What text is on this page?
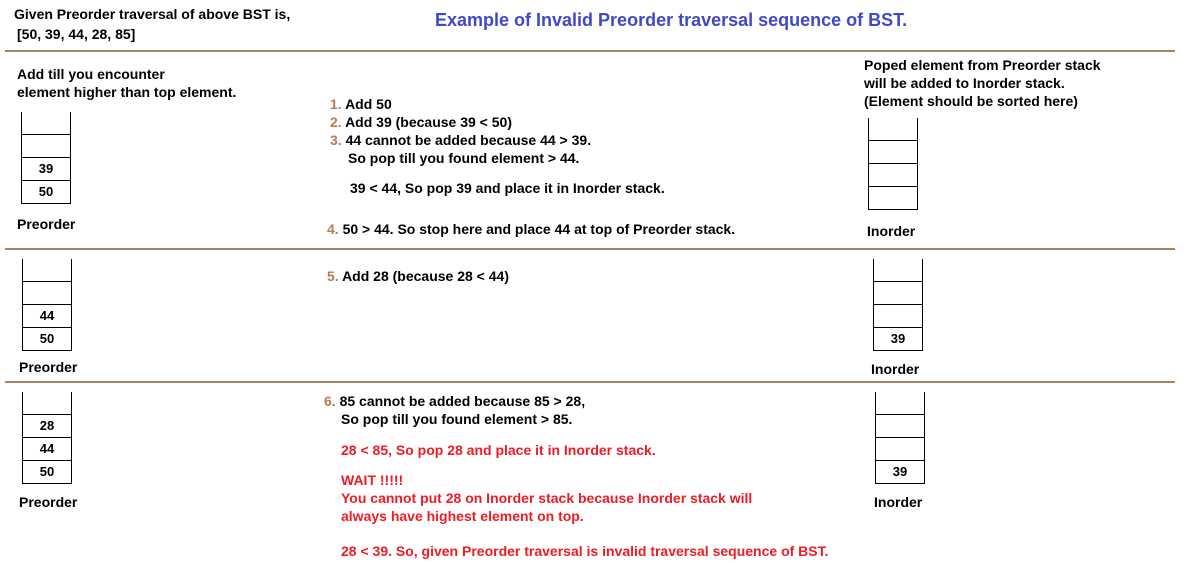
Given Preorder traversal of above BST is,
[50, 39, 44, 28, 85]
Example of Invalid Preorder traversal sequence of BST.
Add till you encounter
element higher than top element.
Poped element from Preorder stack
will be added to Inorder stack.
(Element should be sorted here)
1. Add 50
2. Add 39 (because 39 < 50)
3. 44 cannot be added because 44 > 39.
So pop till you found element > 44.
39 < 44, So pop 39 and place it in Inorder stack.
4. 50 > 44. So stop here and place 44 at top of Preorder stack.
39
50
Preorder	Inorder
5. Add 28 (because 28 < 44)
44
50
Preorder
39
Inorder
6. 85 cannot be added because 85 > 28,
So pop till you found element > 85.
28 < 85, So pop 28 and place it in Inorder stack.
WAIT !!!!!
You cannot put 28 on Inorder stack because Inorder stack will
always have highest element on top.
28 < 39. So, given Preorder traversal is invalid traversal sequence of BST.
28
44
50
Preorder
39
Inorder
